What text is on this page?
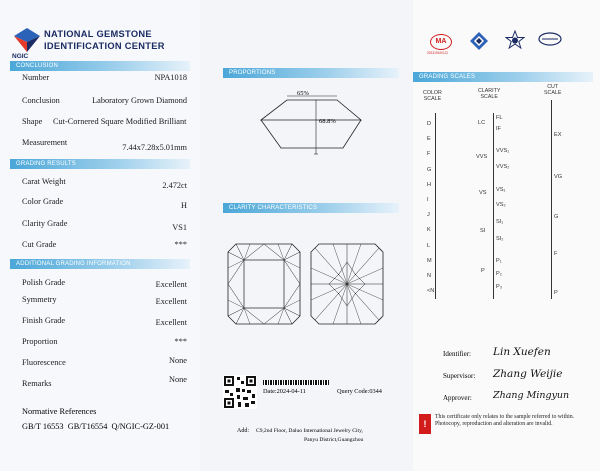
NGIC
NATIONAL GEMSTONE
IDENTIFICATION CENTER
CONCLUSION
Number	NPA1018
Conclusion	Laboratory Grown Diamond
Shape Cut-Cornered Square Modified Brilliant
Measurement
7.44x7.28x5.01mm
GRADING RESULTS
Carat Weight	2.472ct
Color Grade	H
Clarity Grade	VS1
Cut Grade	***
ADDITIONAL GRADING INFORMATION
Polish Grade	Excellent
Symmetry	Excellent
Finish Grade	Excellent
Proportion	***
Fluorescence	None
Remarks	None
Normative References
GB/T 16553  GB/T16554  Q/NGIC-GZ-001
PROPORTIONS
65%
68.8%
CLARITY CHARACTERISTICS
Date:2024-04-11	Query Code:0344
Add: C9,2nd Floor, Daluo International Jewelry City,
Panyu District,Guangzhou
MA
2023191001CI
GRADING SCALES
COLOR
SCALE
CLARITY
SCALE
CUT
SCALE
D
E
F
G
H
I
J
K
L
M
N
<N
LC
VVS
VS
SI
P
FL
IF
VVS₁
VVS₂
VS₁
VS₂
SI₁
SI₂
P₁
P₂
P₃
EX
VG
G
F
P
Identifier: Lin Xuefen
Supervisor: Zhang Weijie
Approver: Zhang Mingyun
!
This certificate only relates to the sample referred to within. Photocopy, reproduction and alteration are invalid.
